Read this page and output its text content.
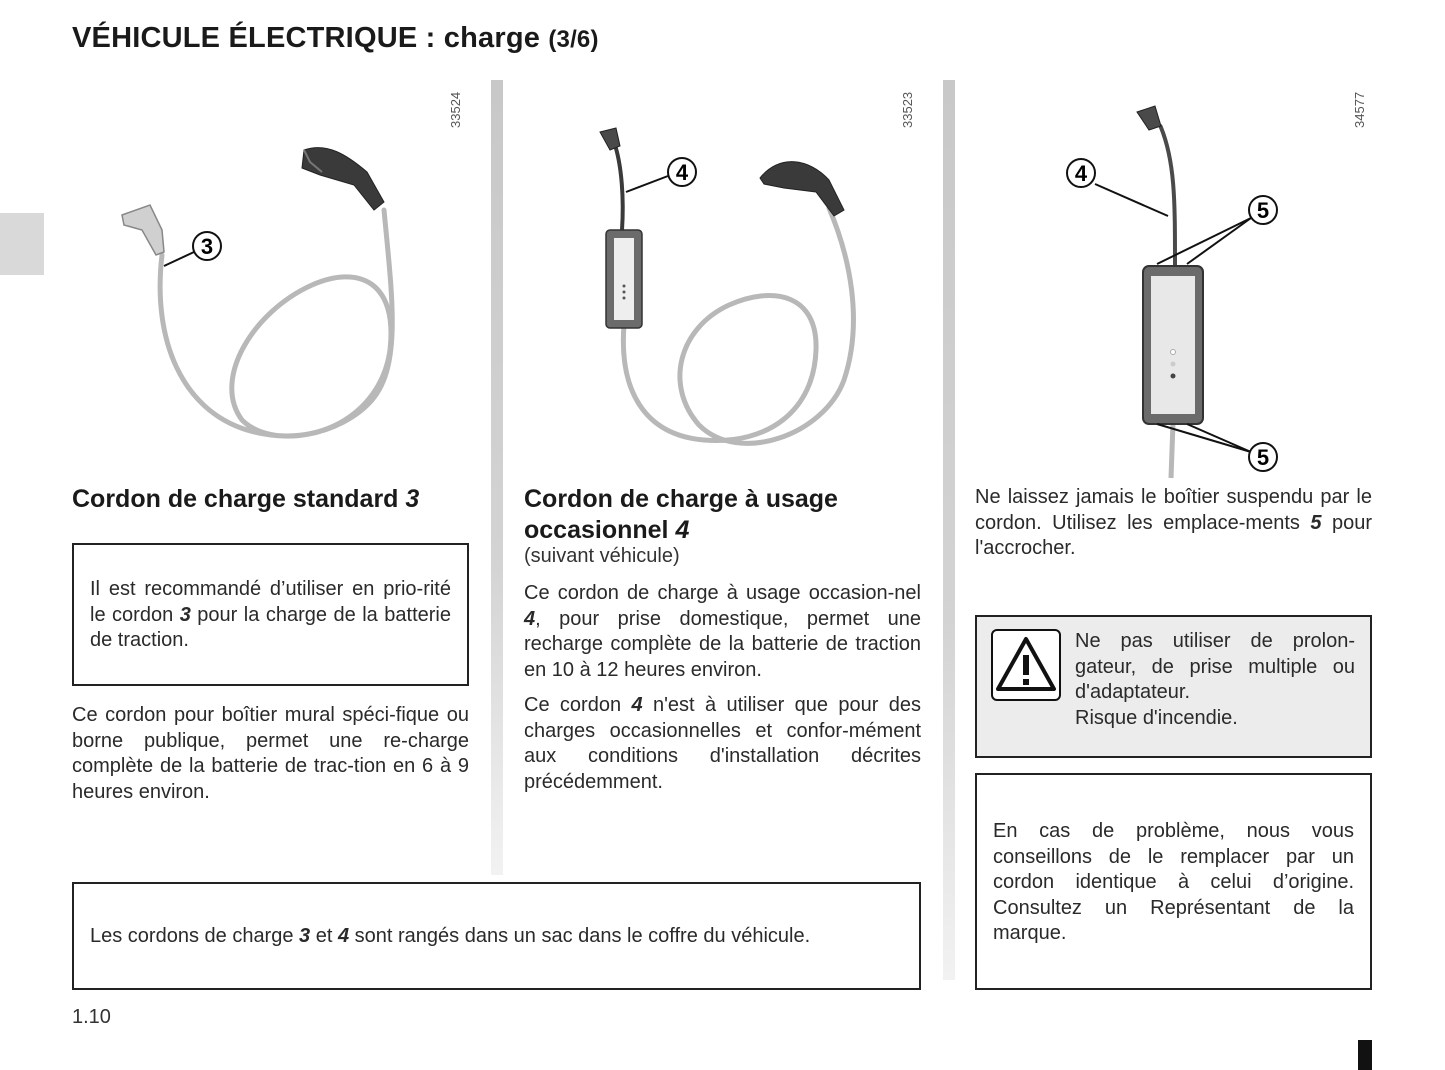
VÉHICULE ÉLECTRIQUE : charge (3/6)
3
33524
4
33523
4
5
5
34577
Cordon de charge standard 3

Il est recommandé d’utiliser en prio-rité le cordon 3 pour la charge de la batterie de traction.

Ce cordon pour boîtier mural spéci-fique ou borne publique, permet une re-charge complète de la batterie de trac-tion en 6 à 9 heures environ.

Cordon de charge à usage occasionnel 4
(suivant véhicule)

Ce cordon de charge à usage occasion-nel 4, pour prise domestique, permet une recharge complète de la batterie de traction en 10 à 12 heures environ.

Ce cordon 4 n'est à utiliser que pour des charges occasionnelles et confor-mément aux conditions d'installation décrites précédemment.

Ne laissez jamais le boîtier suspendu par le cordon. Utilisez les emplace-ments 5 pour l'accrocher.

Ne pas utiliser de prolon-gateur, de prise multiple ou d'adaptateur.

Risque d'incendie.

En cas de problème, nous vous conseillons de le remplacer par un cordon identique à celui d’origine. Consultez un Représentant de la marque.

Les cordons de charge 3 et 4 sont rangés dans un sac dans le coffre du véhicule.

1.10
